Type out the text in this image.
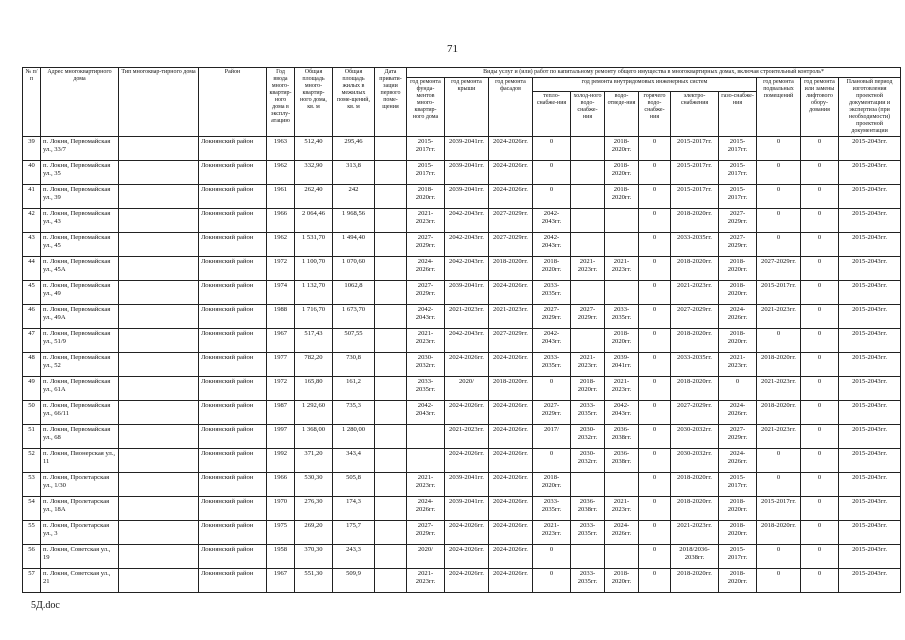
71
№ п/п	Адрес многоквартирного дома	Тип многоквар-тирного дома	Район	Год ввода много-квартир-ного дома в эксплу-атацию	Общая площадь много-квартир-ного дома, кв. м	Общая площадь жилых в межилых поме-щений, кв. м	Дата привати-зации первого поме-щения	Виды услуг и (или) работ по капитальному ремонту общего имущества в многоквартирных домах, включая строительный контроль*											
								год ремонта фунда-ментов много-квартир-ного дома	год ремонта крыши	год ремонта фасадов	год ремонта внутридомовых инженерных систем						год ремонта подвальных помещений	год ремонта или замены лифтового обору-дования	Плановый период изготовления проектной документации и экспертиза (при необходимости) проектной документации
											тепло-снабже-ния	холод-ного водо-снабже-ния	водо-отведе-ния	горячего водо-снабже-ния	электро-снабжения	газо-снабже-ния			
39	п. Локня, Первомайская ул., 33/7		Локнянский район	1963	512,40	295,46		2015-2017гг.	2039-2041гг.	2024-2026гг.	0		2018-2020гг.	0	2015-2017гг.	2015-2017гг.	0	0	2015-2043гг.
40	п. Локня, Первомайская ул., 35		Локнянский район	1962	332,90	313,8		2015-2017гг.	2039-2041гг.	2024-2026гг.	0		2018-2020гг.	0	2015-2017гг.	2015-2017гг.	0	0	2015-2043гг.
41	п. Локня, Первомайская ул., 39		Локнянский район	1961	262,40	242		2018-2020гг.	2039-2041гг.	2024-2026гг.	0		2018-2020гг.	0	2015-2017гг.	2015-2017гг.	0	0	2015-2043гг.
42	п. Локня, Первомайская ул., 43		Локнянский район	1966	2 064,46	1 968,56		2021-2023гг.	2042-2043гг.	2027-2029гг.	2042-2043гг.			0	2018-2020гг.	2027-2029гг.	0	0	2015-2043гг.
43	п. Локня, Первомайская ул., 45		Локнянский район	1962	1 531,70	1 494,40		2027-2029гг.	2042-2043гг.	2027-2029гг.	2042-2043гг.			0	2033-2035гг.	2027-2029гг.	0	0	2015-2043гг.
44	п. Локня, Первомайская ул., 45А		Локнянский район	1972	1 100,70	1 070,60		2024-2026гг.	2042-2043гг.	2018-2020гг.	2018-2020гг.	2021-2023гг.	2021-2023гг.	0	2018-2020гг.	2018-2020гг.	2027-2029гг.	0	2015-2043гг.
45	п. Локня, Первомайская ул., 49		Локнянский район	1974	1 132,70	1062,8		2027-2029гг.	2039-2041гг.	2024-2026гг.	2033-2035гг.			0	2021-2023гг.	2018-2020гг.	2015-2017гг.	0	2015-2043гг.
46	п. Локня, Первомайская ул., 49А		Локнянский район	1988	1 716,70	1 673,70		2042-2043гг.	2021-2023гг.	2021-2023гг.	2027-2029гг.	2027-2029гг.	2033-2035гг.	0	2027-2029гг.	2024-2026гг.	2021-2023гг.	0	2015-2043гг.
47	п. Локня, Первомайская ул., 51/9		Локнянский район	1967	517,43	507,55		2021-2023гг.	2042-2043гг.	2027-2029гг.	2042-2043гг.		2018-2020гг.	0	2018-2020гг.	2018-2020гг.	0	0	2015-2043гг.
48	п. Локня, Первомайская ул., 52		Локнянский район	1977	782,20	730,8		2030-2032гг.	2024-2026гг.	2024-2026гг.	2033-2035гг.	2021-2023гг.	2039-2041гг.	0	2033-2035гг.	2021-2023гг.	2018-2020гг.	0	2015-2043гг.
49	п. Локня, Первомайская ул., 61А		Локнянский район	1972	165,80	161,2		2033-2035гг.	2020/	2018-2020гг.	0	2018-2020гг.	2021-2023гг.	0	2018-2020гг.	0	2021-2023гг.	0	2015-2043гг.
50	п. Локня, Первомайская ул., 66/11		Локнянский район	1987	1 292,60	735,3		2042-2043гг.	2024-2026гг.	2024-2026гг.	2027-2029гг.	2033-2035гг.	2042-2043гг.	0	2027-2029гг.	2024-2026гг.	2018-2020гг.	0	2015-2043гг.
51	п. Локня, Первомайская ул., 68		Локнянский район	1997	1 368,00	1 280,00			2021-2023гг.	2024-2026гг.	2017/	2030-2032гг.	2036-2038гг.	0	2030-2032гг.	2027-2029гг.	2021-2023гг.	0	2015-2043гг.
52	п. Локня, Пионерская ул., 11		Локнянский район	1992	371,20	343,4			2024-2026гг.	2024-2026гг.	0	2030-2032гг.	2036-2038гг.	0	2030-2032гг.	2024-2026гг.	0	0	2015-2043гг.
53	п. Локня, Пролетарская ул., 1/30		Локнянский район	1966	530,30	505,8		2021-2023гг.	2039-2041гг.	2024-2026гг.	2018-2020гг.			0	2018-2020гг.	2015-2017гг.	0	0	2015-2043гг.
54	п. Локня, Пролетарская ул., 18А		Локнянский район	1970	276,30	174,3		2024-2026гг.	2039-2041гг.	2024-2026гг.	2033-2035гг.	2036-2038гг.	2021-2023гг.	0	2018-2020гг.	2018-2020гг.	2015-2017гг.	0	2015-2043гг.
55	п. Локня, Пролетарская ул., 3		Локнянский район	1975	269,20	175,7		2027-2029гг.	2024-2026гг.	2024-2026гг.	2021-2023гг.	2033-2035гг.	2024-2026гг.	0	2021-2023гг.	2018-2020гг.	2018-2020гг.	0	2015-2043гг.
56	п. Локня, Советская ул., 19		Локнянский район	1958	370,30	243,3		2020/	2024-2026гг.	2024-2026гг.	0			0	2018/2036-2038гг.	2015-2017гг.	0	0	2015-2043гг.
57	п. Локня, Советская ул., 21		Локнянский район	1967	551,30	509,9		2021-2023гг.	2024-2026гг.	2024-2026гг.	0	2033-2035гг.	2018-2020гг.	0	2018-2020гг.	2018-2020гг.	0	0	2015-2043гг.
5Д.doc
